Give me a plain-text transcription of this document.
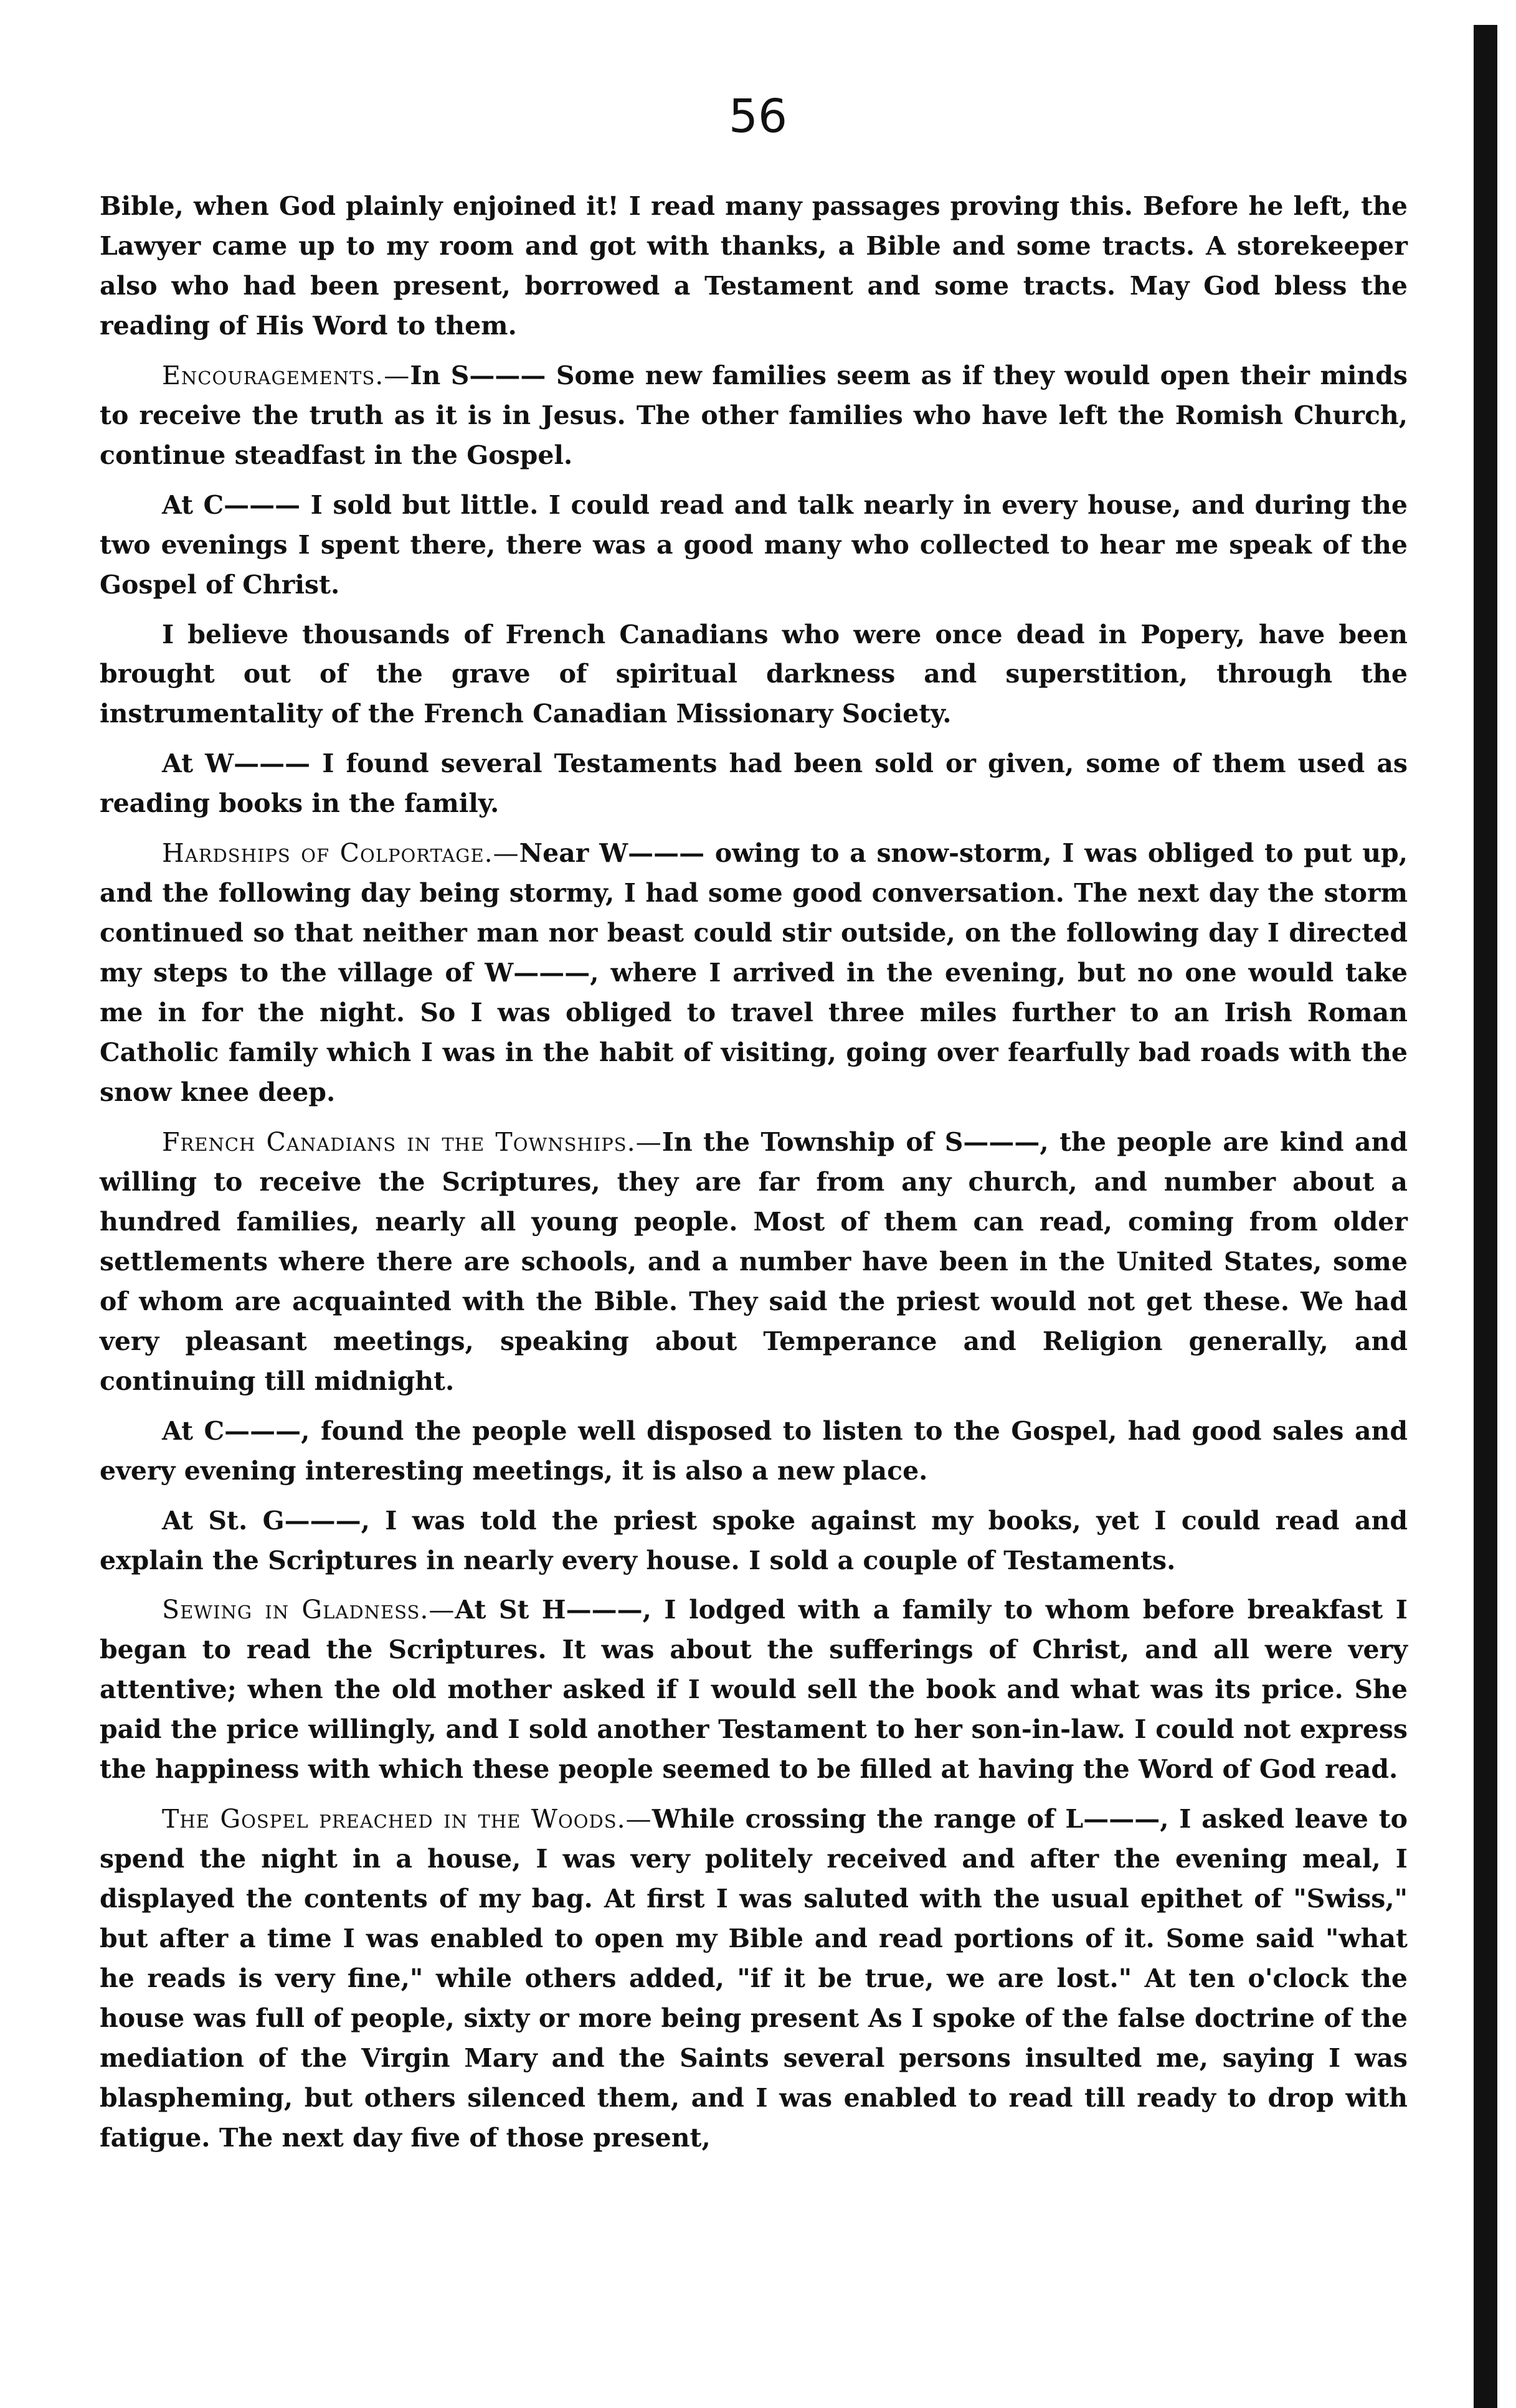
56

Bible, when God plainly enjoined it! I read many passages proving this. Before he left, the Lawyer came up to my room and got with thanks, a Bible and some tracts. A storekeeper also who had been present, borrowed a Testament and some tracts. May God bless the reading of His Word to them.

Encouragements.—In S——— Some new families seem as if they would open their minds to receive the truth as it is in Jesus. The other families who have left the Romish Church, continue steadfast in the Gospel.

At C——— I sold but little. I could read and talk nearly in every house, and during the two evenings I spent there, there was a good many who collected to hear me speak of the Gospel of Christ.

I believe thousands of French Canadians who were once dead in Popery, have been brought out of the grave of spiritual darkness and superstition, through the instrumentality of the French Canadian Missionary Society.

At W——— I found several Testaments had been sold or given, some of them used as reading books in the family.

Hardships of Colportage.—Near W——— owing to a snow-storm, I was obliged to put up, and the following day being stormy, I had some good conversation. The next day the storm continued so that neither man nor beast could stir outside, on the following day I directed my steps to the village of W———, where I arrived in the evening, but no one would take me in for the night. So I was obliged to travel three miles further to an Irish Roman Catholic family which I was in the habit of visiting, going over fearfully bad roads with the snow knee deep.

French Canadians in the Townships.—In the Township of S———, the people are kind and willing to receive the Scriptures, they are far from any church, and number about a hundred families, nearly all young people. Most of them can read, coming from older settlements where there are schools, and a number have been in the United States, some of whom are acquainted with the Bible. They said the priest would not get these. We had very pleasant meetings, speaking about Temperance and Religion generally, and continuing till midnight.

At C———, found the people well disposed to listen to the Gospel, had good sales and every evening interesting meetings, it is also a new place.

At St. G———, I was told the priest spoke against my books, yet I could read and explain the Scriptures in nearly every house. I sold a couple of Testaments.

Sewing in Gladness.—At St H———, I lodged with a family to whom before breakfast I began to read the Scriptures. It was about the sufferings of Christ, and all were very attentive; when the old mother asked if I would sell the book and what was its price. She paid the price willingly, and I sold another Testament to her son-in-law. I could not express the happiness with which these people seemed to be filled at having the Word of God read.

The Gospel preached in the Woods.—While crossing the range of L———, I asked leave to spend the night in a house, I was very politely received and after the evening meal, I displayed the contents of my bag. At first I was saluted with the usual epithet of "Swiss," but after a time I was enabled to open my Bible and read portions of it. Some said "what he reads is very fine," while others added, "if it be true, we are lost." At ten o'clock the house was full of people, sixty or more being present As I spoke of the false doctrine of the mediation of the Virgin Mary and the Saints several persons insulted me, saying I was blaspheming, but others silenced them, and I was enabled to read till ready to drop with fatigue. The next day five of those present,
